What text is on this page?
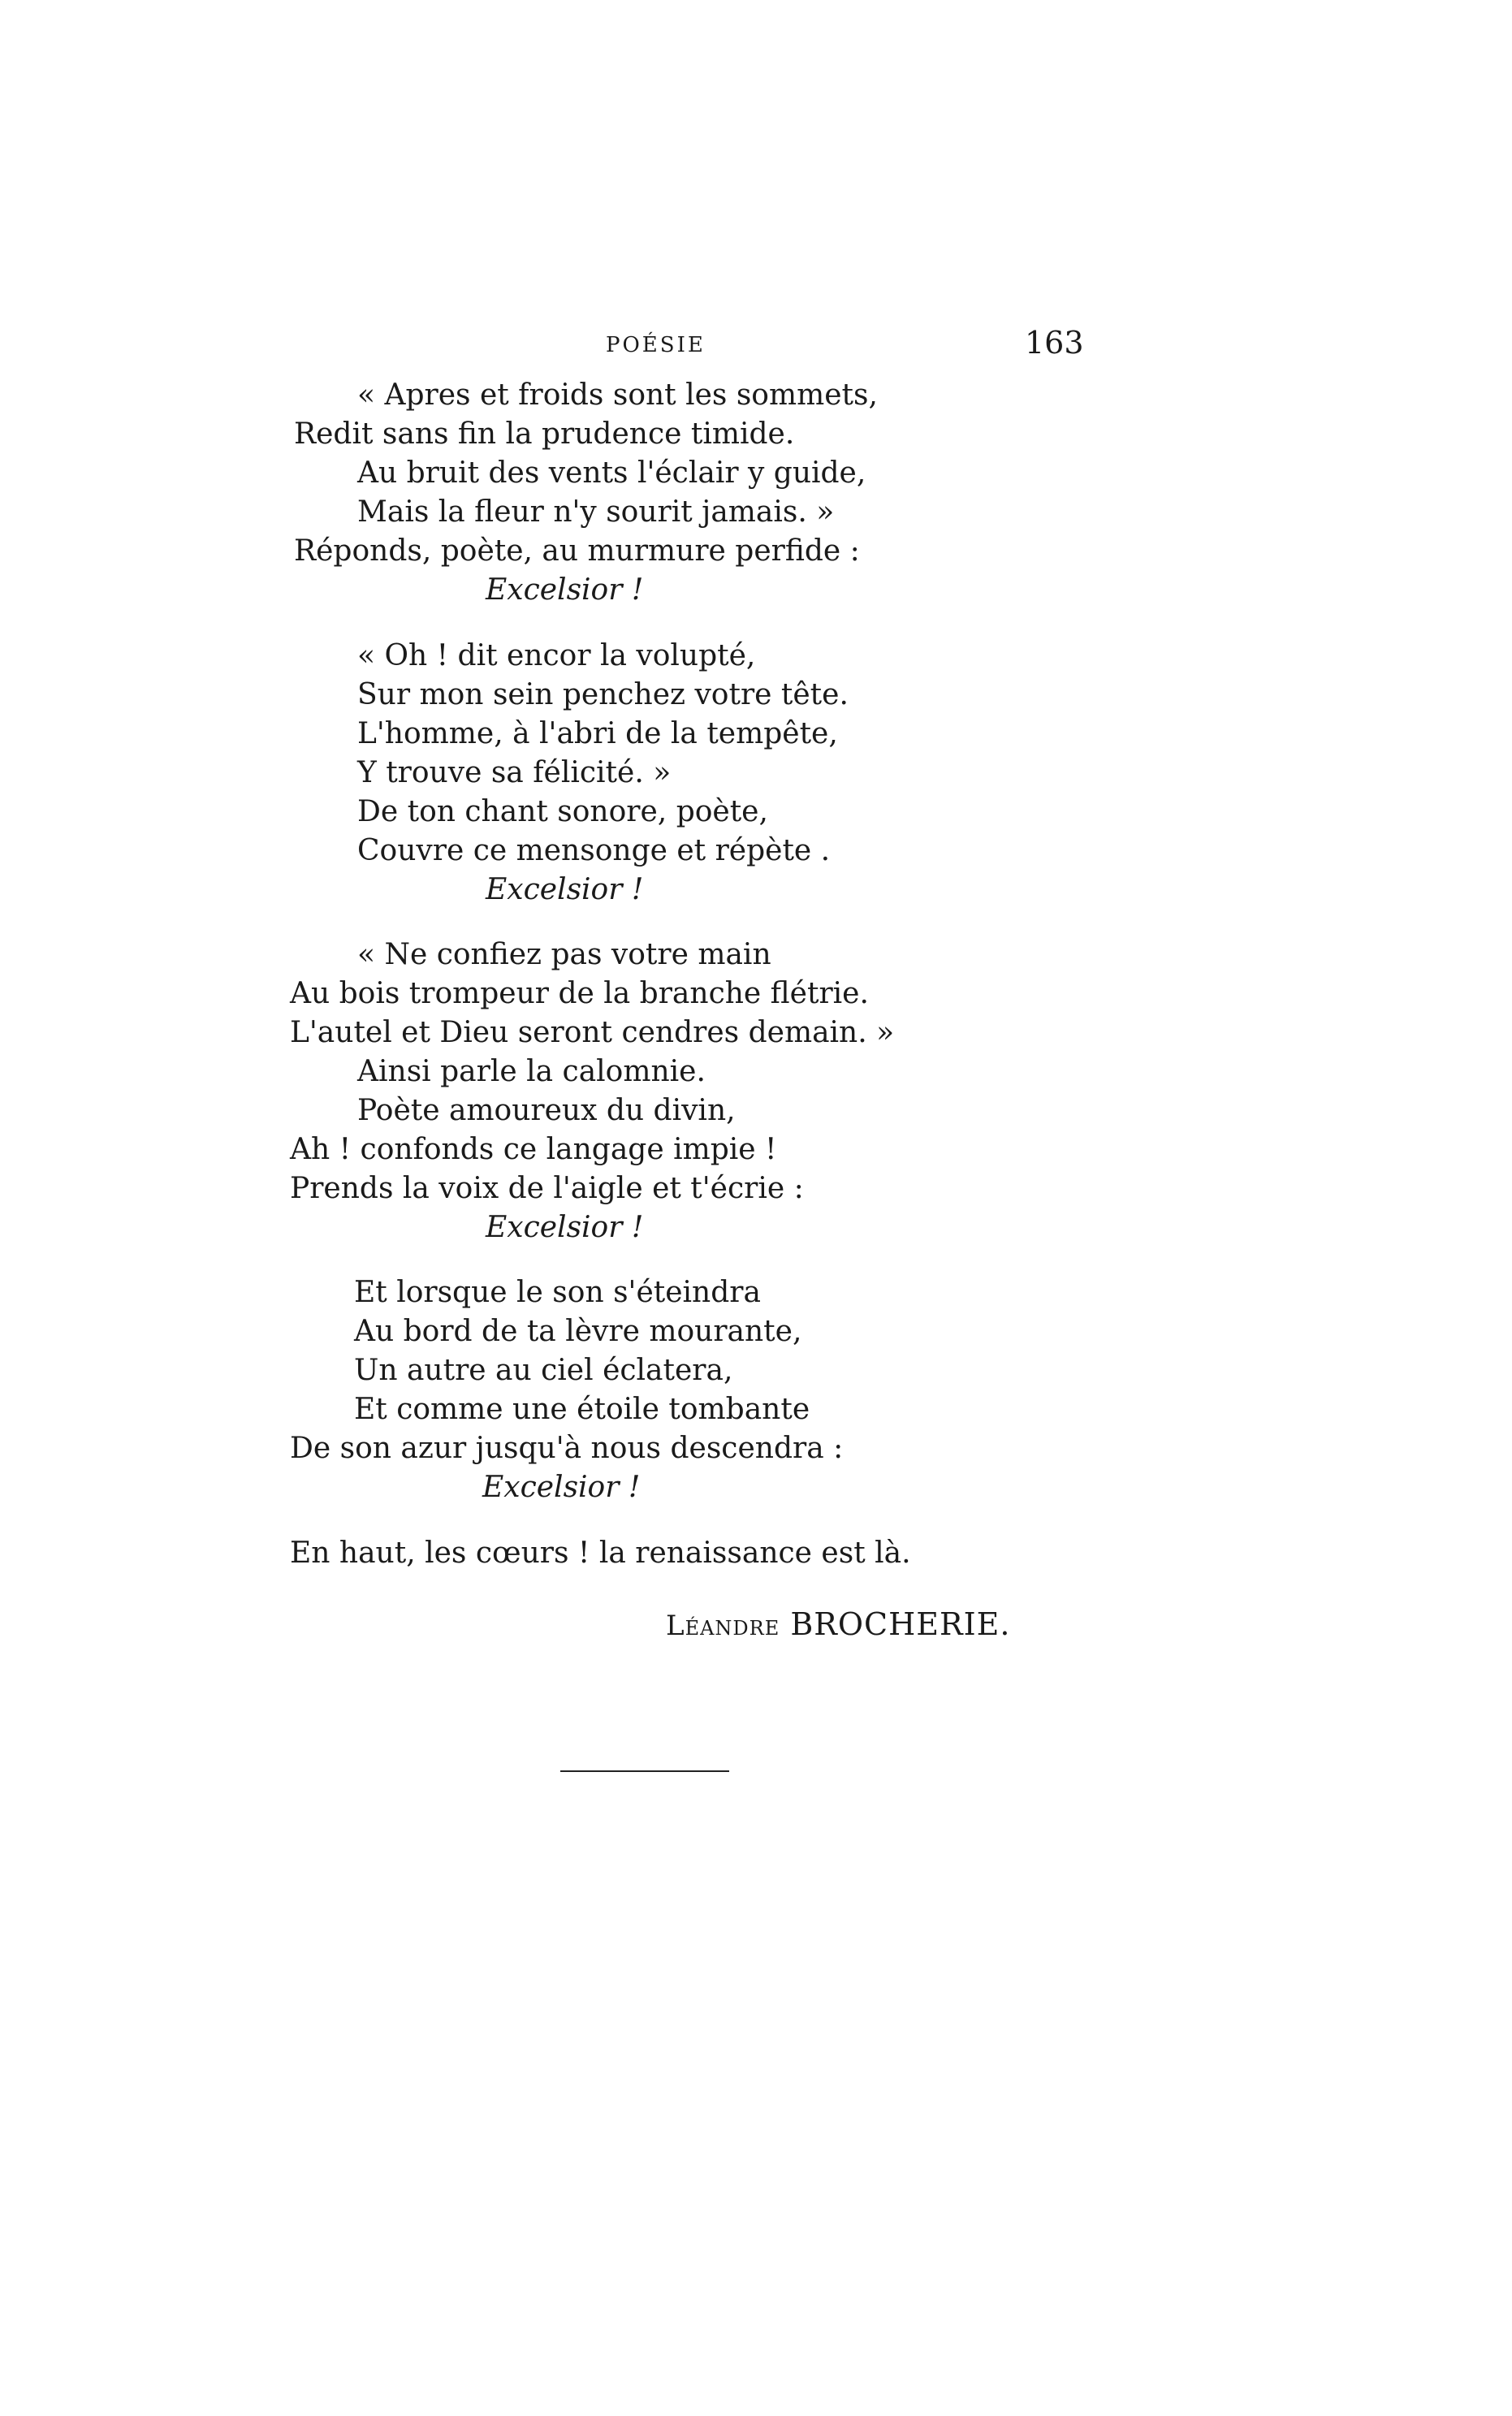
POÉSIE	163
« Apres et froids sont les sommets,
Redit sans fin la prudence timide.
Au bruit des vents l'éclair y guide,
Mais la fleur n'y sourit jamais. »
Réponds, poète, au murmure perfide :
Excelsior !
« Oh ! dit encor la volupté,
Sur mon sein penchez votre tête.
L'homme, à l'abri de la tempête,
Y trouve sa félicité. »
De ton chant sonore, poète,
Couvre ce mensonge et répète .
Excelsior !
« Ne confiez pas votre main
Au bois trompeur de la branche flétrie.
L'autel et Dieu seront cendres demain. »
Ainsi parle la calomnie.
Poète amoureux du divin,
Ah ! confonds ce langage impie !
Prends la voix de l'aigle et t'écrie :
Excelsior !
Et lorsque le son s'éteindra
Au bord de ta lèvre mourante,
Un autre au ciel éclatera,
Et comme une étoile tombante
De son azur jusqu'à nous descendra :
Excelsior !
En haut, les cœurs ! la renaissance est là.
Léandre BROCHERIE.
